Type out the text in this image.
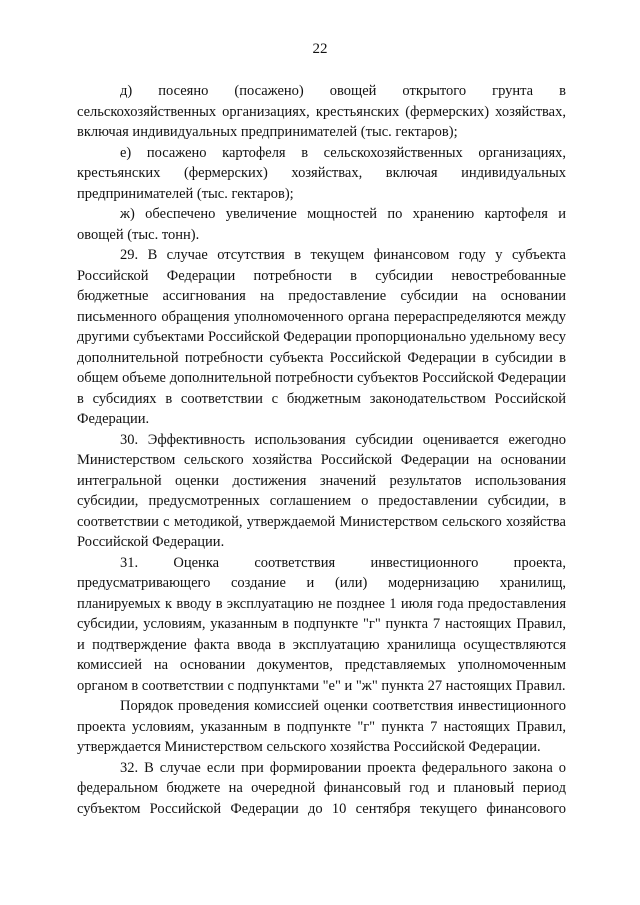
22

д) посеяно (посажено) овощей открытого грунта в сельскохозяйственных организациях, крестьянских (фермерских) хозяйствах, включая индивидуальных предпринимателей (тыс. гектаров);

е) посажено картофеля в сельскохозяйственных организациях, крестьянских (фермерских) хозяйствах, включая индивидуальных предпринимателей (тыс. гектаров);

ж) обеспечено увеличение мощностей по хранению картофеля и овощей (тыс. тонн).

29. В случае отсутствия в текущем финансовом году у субъекта Российской Федерации потребности в субсидии невостребованные бюджетные ассигнования на предоставление субсидии на основании письменного обращения уполномоченного органа перераспределяются между другими субъектами Российской Федерации пропорционально удельному весу дополнительной потребности субъекта Российской Федерации в субсидии в общем объеме дополнительной потребности субъектов Российской Федерации в субсидиях в соответствии с бюджетным законодательством Российской Федерации.

30. Эффективность использования субсидии оценивается ежегодно Министерством сельского хозяйства Российской Федерации на основании интегральной оценки достижения значений результатов использования субсидии, предусмотренных соглашением о предоставлении субсидии, в соответствии с методикой, утверждаемой Министерством сельского хозяйства Российской Федерации.

31. Оценка соответствия инвестиционного проекта, предусматривающего создание и (или) модернизацию хранилищ, планируемых к вводу в эксплуатацию не позднее 1 июля года предоставления субсидии, условиям, указанным в подпункте "г" пункта 7 настоящих Правил, и подтверждение факта ввода в эксплуатацию хранилища осуществляются комиссией на основании документов, представляемых уполномоченным органом в соответствии с подпунктами "е" и "ж" пункта 27 настоящих Правил.

Порядок проведения комиссией оценки соответствия инвестиционного проекта условиям, указанным в подпункте "г" пункта 7 настоящих Правил, утверждается Министерством сельского хозяйства Российской Федерации.

32. В случае если при формировании проекта федерального закона о федеральном бюджете на очередной финансовый год и плановый период субъектом Российской Федерации до 10 сентября текущего финансового
